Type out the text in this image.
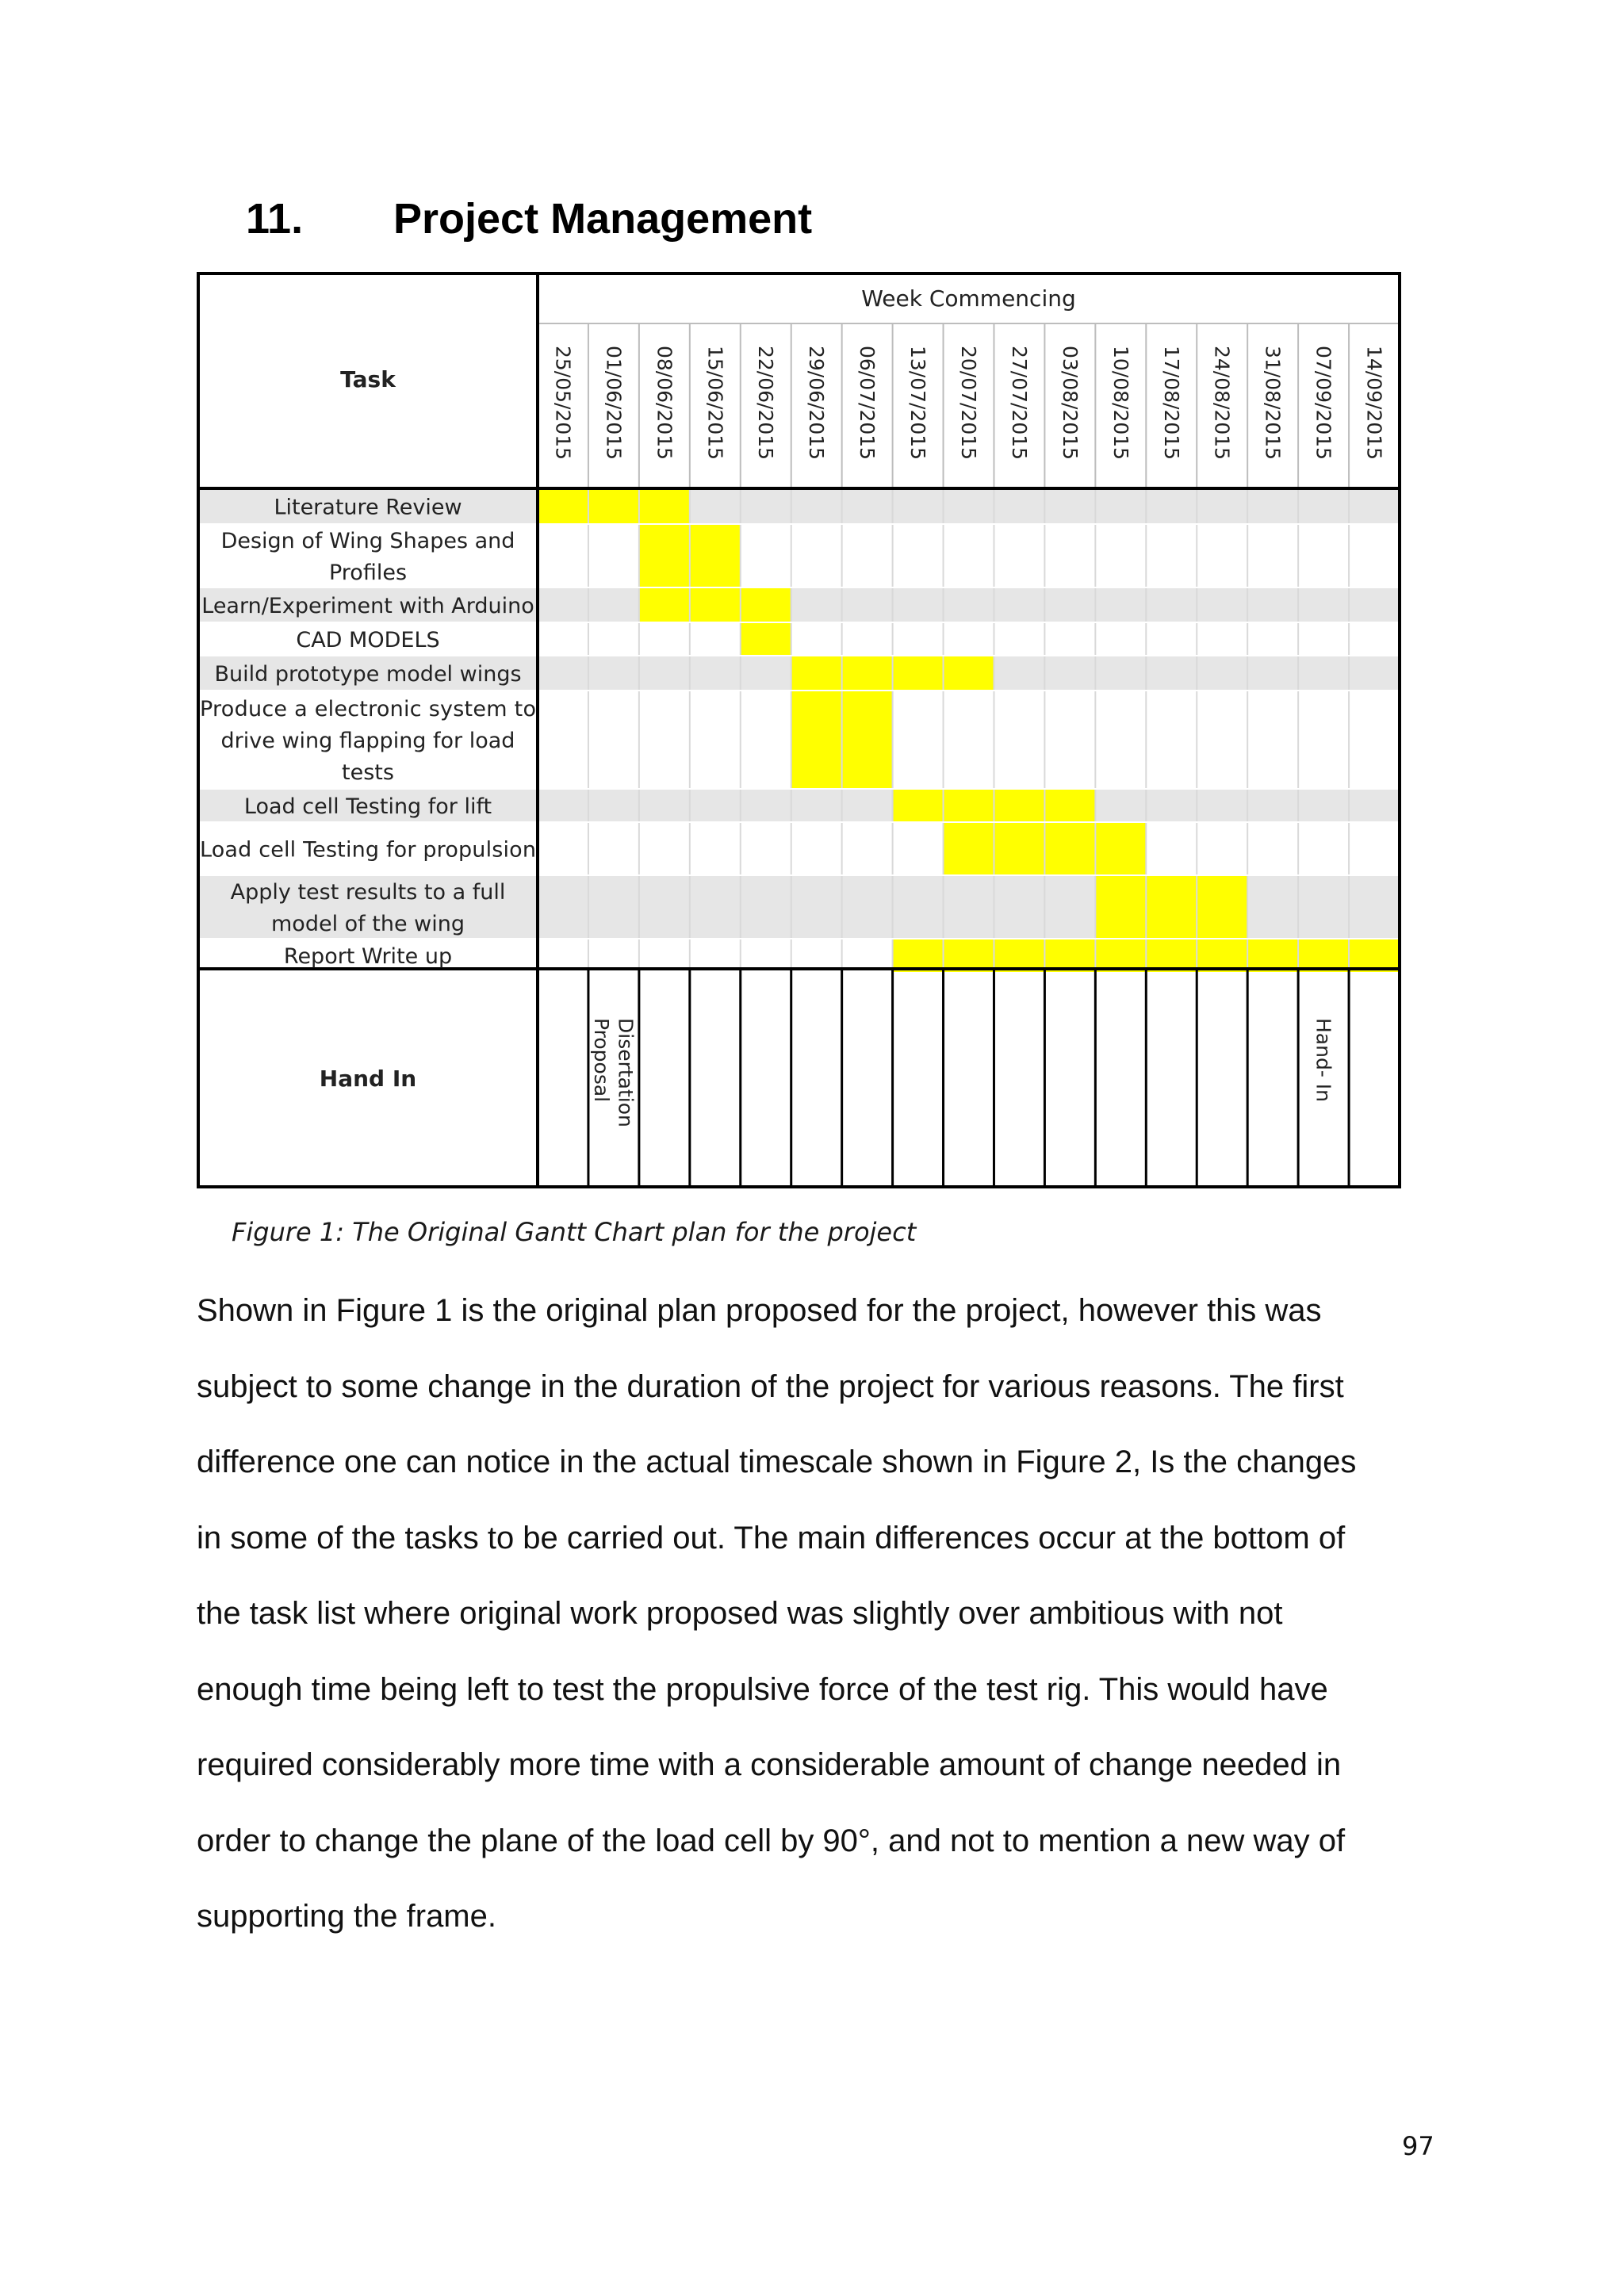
11. Project Management
Week Commencing
Task
Hand In
25/05/2015 01/06/2015 08/06/2015 15/06/2015 22/06/2015 29/06/2015 06/07/2015 13/07/2015 20/07/2015 27/07/2015 03/08/2015 10/08/2015 17/08/2015 24/08/2015 31/08/2015 07/09/2015 14/09/2015
Literature Review
Design of Wing Shapes and
Profiles
Learn/Experiment with Arduino
CAD MODELS
Build prototype model wings
Produce a electronic system to
drive wing flapping for load
tests
Load cell Testing for lift
Load cell Testing for propulsion
Apply test results to a full
model of the wing
Report Write up
Disertation
Proposal	Hand- In
Figure 1: The Original Gantt Chart plan for the project
Shown in Figure 1 is the original plan proposed for the project, however this was
subject to some change in the duration of the project for various reasons. The first
difference one can notice in the actual timescale shown in Figure 2, Is the changes
in some of the tasks to be carried out. The main differences occur at the bottom of
the task list where original work proposed was slightly over ambitious with not
enough time being left to test the propulsive force of the test rig. This would have
required considerably more time with a considerable amount of change needed in
order to change the plane of the load cell by 90°, and not to mention a new way of
supporting the frame.
97
